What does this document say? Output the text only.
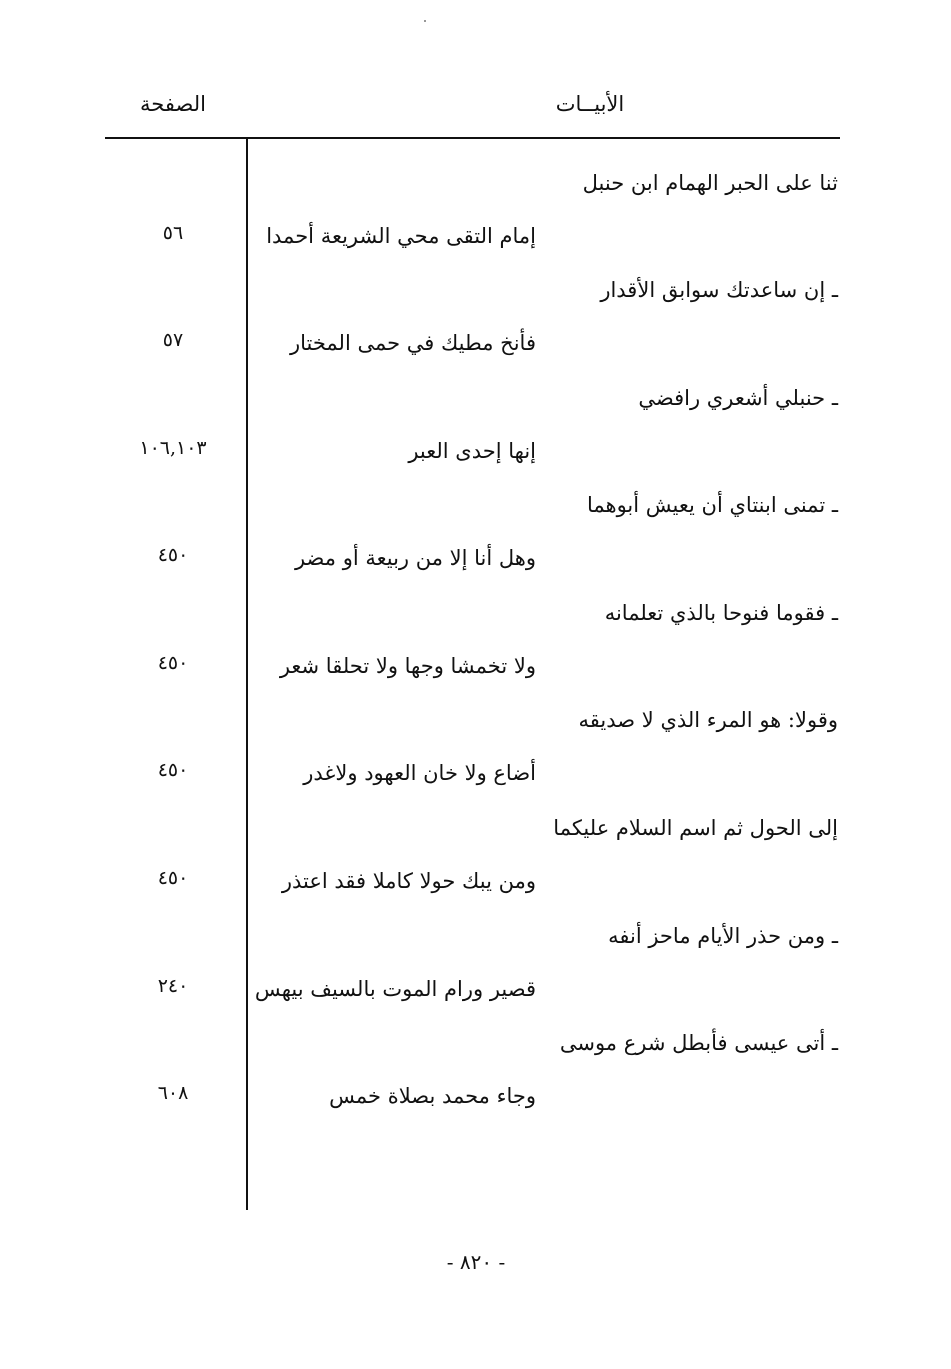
الأبيــات
الصفحة
ثنا على الحبر الهمام ابن حنبل
إمام التقى محي الشريعة أحمدا
٥٦
ـ إن ساعدتك سوابق الأقدار
فأنخ مطيك في حمى المختار
٥٧
ـ حنبلي أشعري رافضي
إنها إحدى العبر
١٠٦,١٠٣
ـ تمنى ابنتاي أن يعيش أبوهما
وهل أنا إلا من ربيعة أو مضر
٤٥٠
ـ فقوما فنوحا بالذي تعلمانه
ولا تخمشا وجها ولا تحلقا شعر
٤٥٠
وقولا: هو المرء الذي لا صديقه
أضاع ولا خان العهود ولاغدر
٤٥٠
إلى الحول ثم اسم السلام عليكما
ومن يبك حولا كاملا فقد اعتذر
٤٥٠
ـ ومن حذر الأيام ماحز أنفه
قصير ورام الموت بالسيف بيهس
٢٤٠
ـ أتى عيسى فأبطل شرع موسى
وجاء محمد بصلاة خمس
٦٠٨
- ٨٢٠ -
